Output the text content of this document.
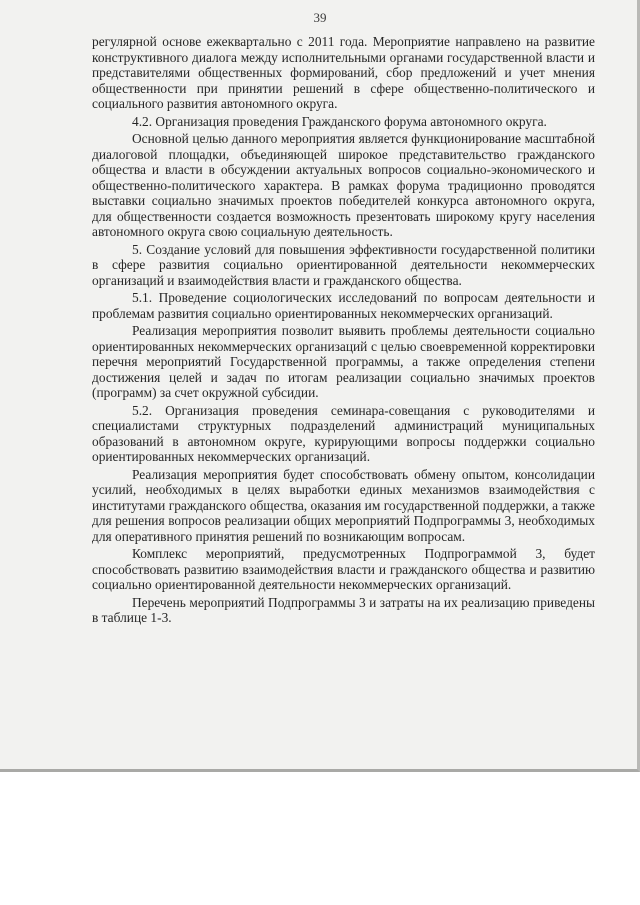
39

регулярной основе ежеквартально с 2011 года. Мероприятие направлено на развитие конструктивного диалога между исполнительными органами государственной власти и представителями общественных формирований, сбор предложений и учет мнения общественности при принятии решений в сфере общественно-политического и социального развития автономного округа.

4.2. Организация проведения Гражданского форума автономного округа.

Основной целью данного мероприятия является функционирование масштабной диалоговой площадки, объединяющей широкое представительство гражданского общества и власти в обсуждении актуальных вопросов социально-экономического и общественно-политического характера. В рамках форума традиционно проводятся выставки социально значимых проектов победителей конкурса автономного округа, для общественности создается возможность презентовать широкому кругу населения автономного округа свою социальную деятельность.

5. Создание условий для повышения эффективности государственной политики в сфере развития социально ориентированной деятельности некоммерческих организаций и взаимодействия власти и гражданского общества.

5.1. Проведение социологических исследований по вопросам деятельности и проблемам развития социально ориентированных некоммерческих организаций.

Реализация мероприятия позволит выявить проблемы деятельности социально ориентированных некоммерческих организаций с целью своевременной корректировки перечня мероприятий Государственной программы, а также определения степени достижения целей и задач по итогам реализации социально значимых проектов (программ) за счет окружной субсидии.

5.2. Организация проведения семинара-совещания с руководителями и специалистами структурных подразделений администраций муниципальных образований в автономном округе, курирующими вопросы поддержки социально ориентированных некоммерческих организаций.

Реализация мероприятия будет способствовать обмену опытом, консолидации усилий, необходимых в целях выработки единых механизмов взаимодействия с институтами гражданского общества, оказания им государственной поддержки, а также для решения вопросов реализации общих мероприятий Подпрограммы 3, необходимых для оперативного принятия решений по возникающим вопросам.

Комплекс мероприятий, предусмотренных Подпрограммой 3, будет способствовать развитию взаимодействия власти и гражданского общества и развитию социально ориентированной деятельности некоммерческих организаций.

Перечень мероприятий Подпрограммы 3 и затраты на их реализацию приведены в таблице 1-3.
